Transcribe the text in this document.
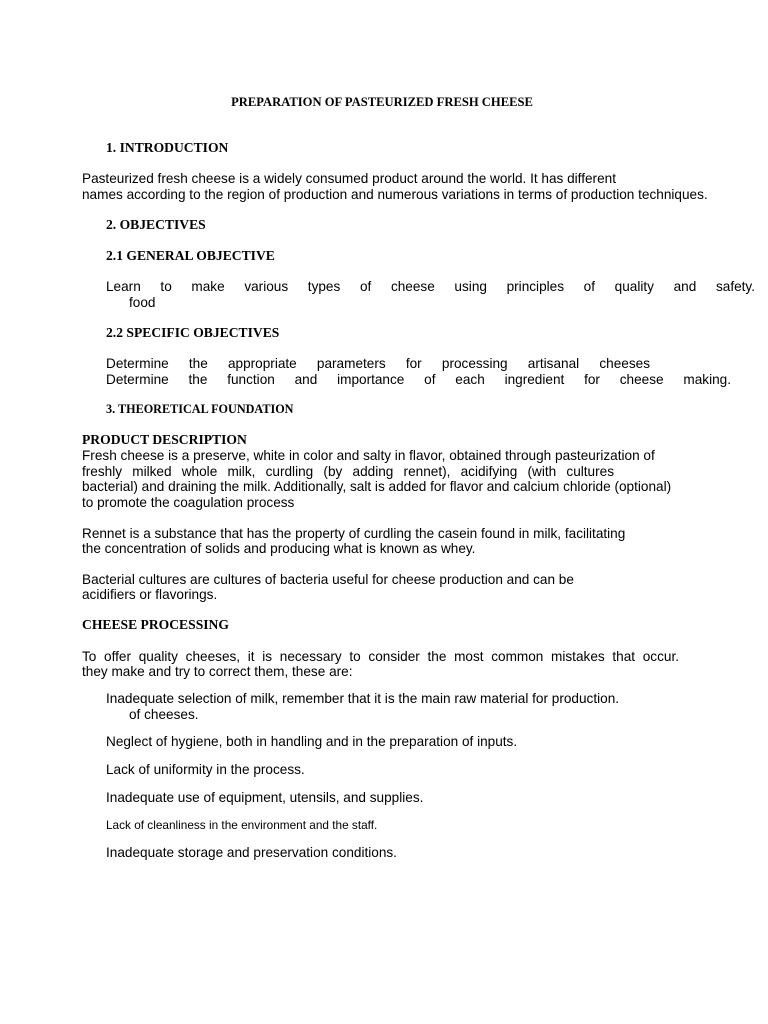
PREPARATION OF PASTEURIZED FRESH CHEESE
1. INTRODUCTION
Pasteurized fresh cheese is a widely consumed product around the world. It has different
names according to the region of production and numerous variations in terms of production techniques.
2. OBJECTIVES
2.1 GENERAL OBJECTIVE
Learn to make various types of cheese using principles of quality and safety.
food
2.2 SPECIFIC OBJECTIVES
Determine the appropriate parameters for processing artisanal cheeses
Determine the function and importance of each ingredient for cheese making.
3. THEORETICAL FOUNDATION
PRODUCT DESCRIPTION
Fresh cheese is a preserve, white in color and salty in flavor, obtained through pasteurization of
freshly milked whole milk, curdling (by adding rennet), acidifying (with cultures
bacterial) and draining the milk. Additionally, salt is added for flavor and calcium chloride (optional)
to promote the coagulation process
Rennet is a substance that has the property of curdling the casein found in milk, facilitating
the concentration of solids and producing what is known as whey.
Bacterial cultures are cultures of bacteria useful for cheese production and can be
acidifiers or flavorings.
CHEESE PROCESSING
To offer quality cheeses, it is necessary to consider the most common mistakes that occur.
they make and try to correct them, these are:
Inadequate selection of milk, remember that it is the main raw material for production.
of cheeses.
Neglect of hygiene, both in handling and in the preparation of inputs.
Lack of uniformity in the process.
Inadequate use of equipment, utensils, and supplies.
Lack of cleanliness in the environment and the staff.
Inadequate storage and preservation conditions.
